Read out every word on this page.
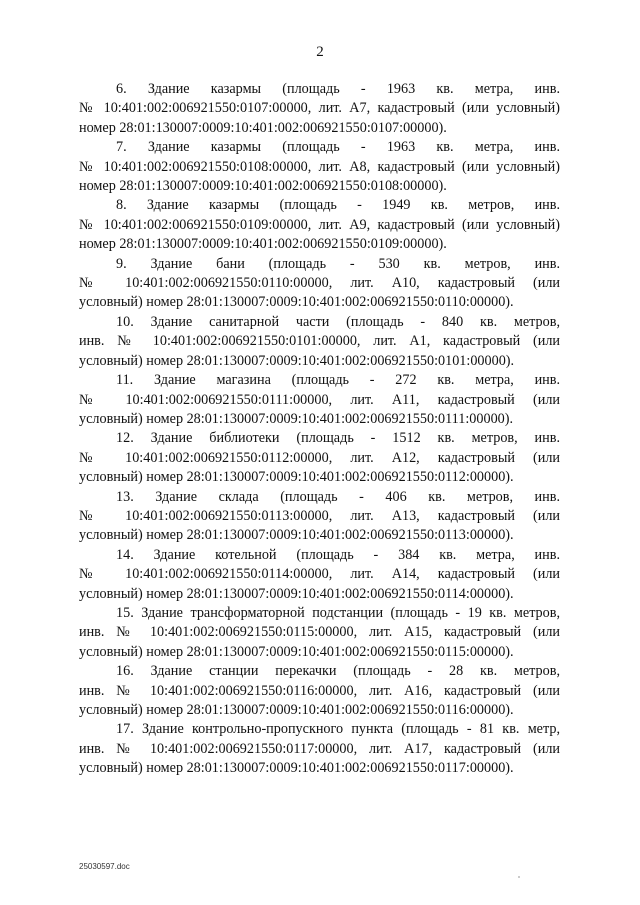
2
6. Здание казармы (площадь - 1963 кв. метра, инв.
№ 10:401:002:006921550:0107:00000, лит. А7, кадастровый (или условный)
номер 28:01:130007:0009:10:401:002:006921550:0107:00000).
7. Здание казармы (площадь - 1963 кв. метра, инв.
№ 10:401:002:006921550:0108:00000, лит. А8, кадастровый (или условный)
номер 28:01:130007:0009:10:401:002:006921550:0108:00000).
8. Здание казармы (площадь - 1949 кв. метров, инв.
№ 10:401:002:006921550:0109:00000, лит. А9, кадастровый (или условный)
номер 28:01:130007:0009:10:401:002:006921550:0109:00000).
9. Здание бани (площадь - 530 кв. метров, инв.
№ 10:401:002:006921550:0110:00000, лит. А10, кадастровый (или
условный) номер 28:01:130007:0009:10:401:002:006921550:0110:00000).
10. Здание санитарной части (площадь - 840 кв. метров,
инв. № 10:401:002:006921550:0101:00000, лит. А1, кадастровый (или
условный) номер 28:01:130007:0009:10:401:002:006921550:0101:00000).
11. Здание магазина (площадь - 272 кв. метра, инв.
№ 10:401:002:006921550:0111:00000, лит. А11, кадастровый (или
условный) номер 28:01:130007:0009:10:401:002:006921550:0111:00000).
12. Здание библиотеки (площадь - 1512 кв. метров, инв.
№ 10:401:002:006921550:0112:00000, лит. А12, кадастровый (или
условный) номер 28:01:130007:0009:10:401:002:006921550:0112:00000).
13. Здание склада (площадь - 406 кв. метров, инв.
№ 10:401:002:006921550:0113:00000, лит. А13, кадастровый (или
условный) номер 28:01:130007:0009:10:401:002:006921550:0113:00000).
14. Здание котельной (площадь - 384 кв. метра, инв.
№ 10:401:002:006921550:0114:00000, лит. А14, кадастровый (или
условный) номер 28:01:130007:0009:10:401:002:006921550:0114:00000).
15. Здание трансформаторной подстанции (площадь - 19 кв. метров,
инв. № 10:401:002:006921550:0115:00000, лит. А15, кадастровый (или
условный) номер 28:01:130007:0009:10:401:002:006921550:0115:00000).
16. Здание станции перекачки (площадь - 28 кв. метров,
инв. № 10:401:002:006921550:0116:00000, лит. А16, кадастровый (или
условный) номер 28:01:130007:0009:10:401:002:006921550:0116:00000).
17. Здание контрольно-пропускного пункта (площадь - 81 кв. метр,
инв. № 10:401:002:006921550:0117:00000, лит. А17, кадастровый (или
условный) номер 28:01:130007:0009:10:401:002:006921550:0117:00000).
25030597.doc
